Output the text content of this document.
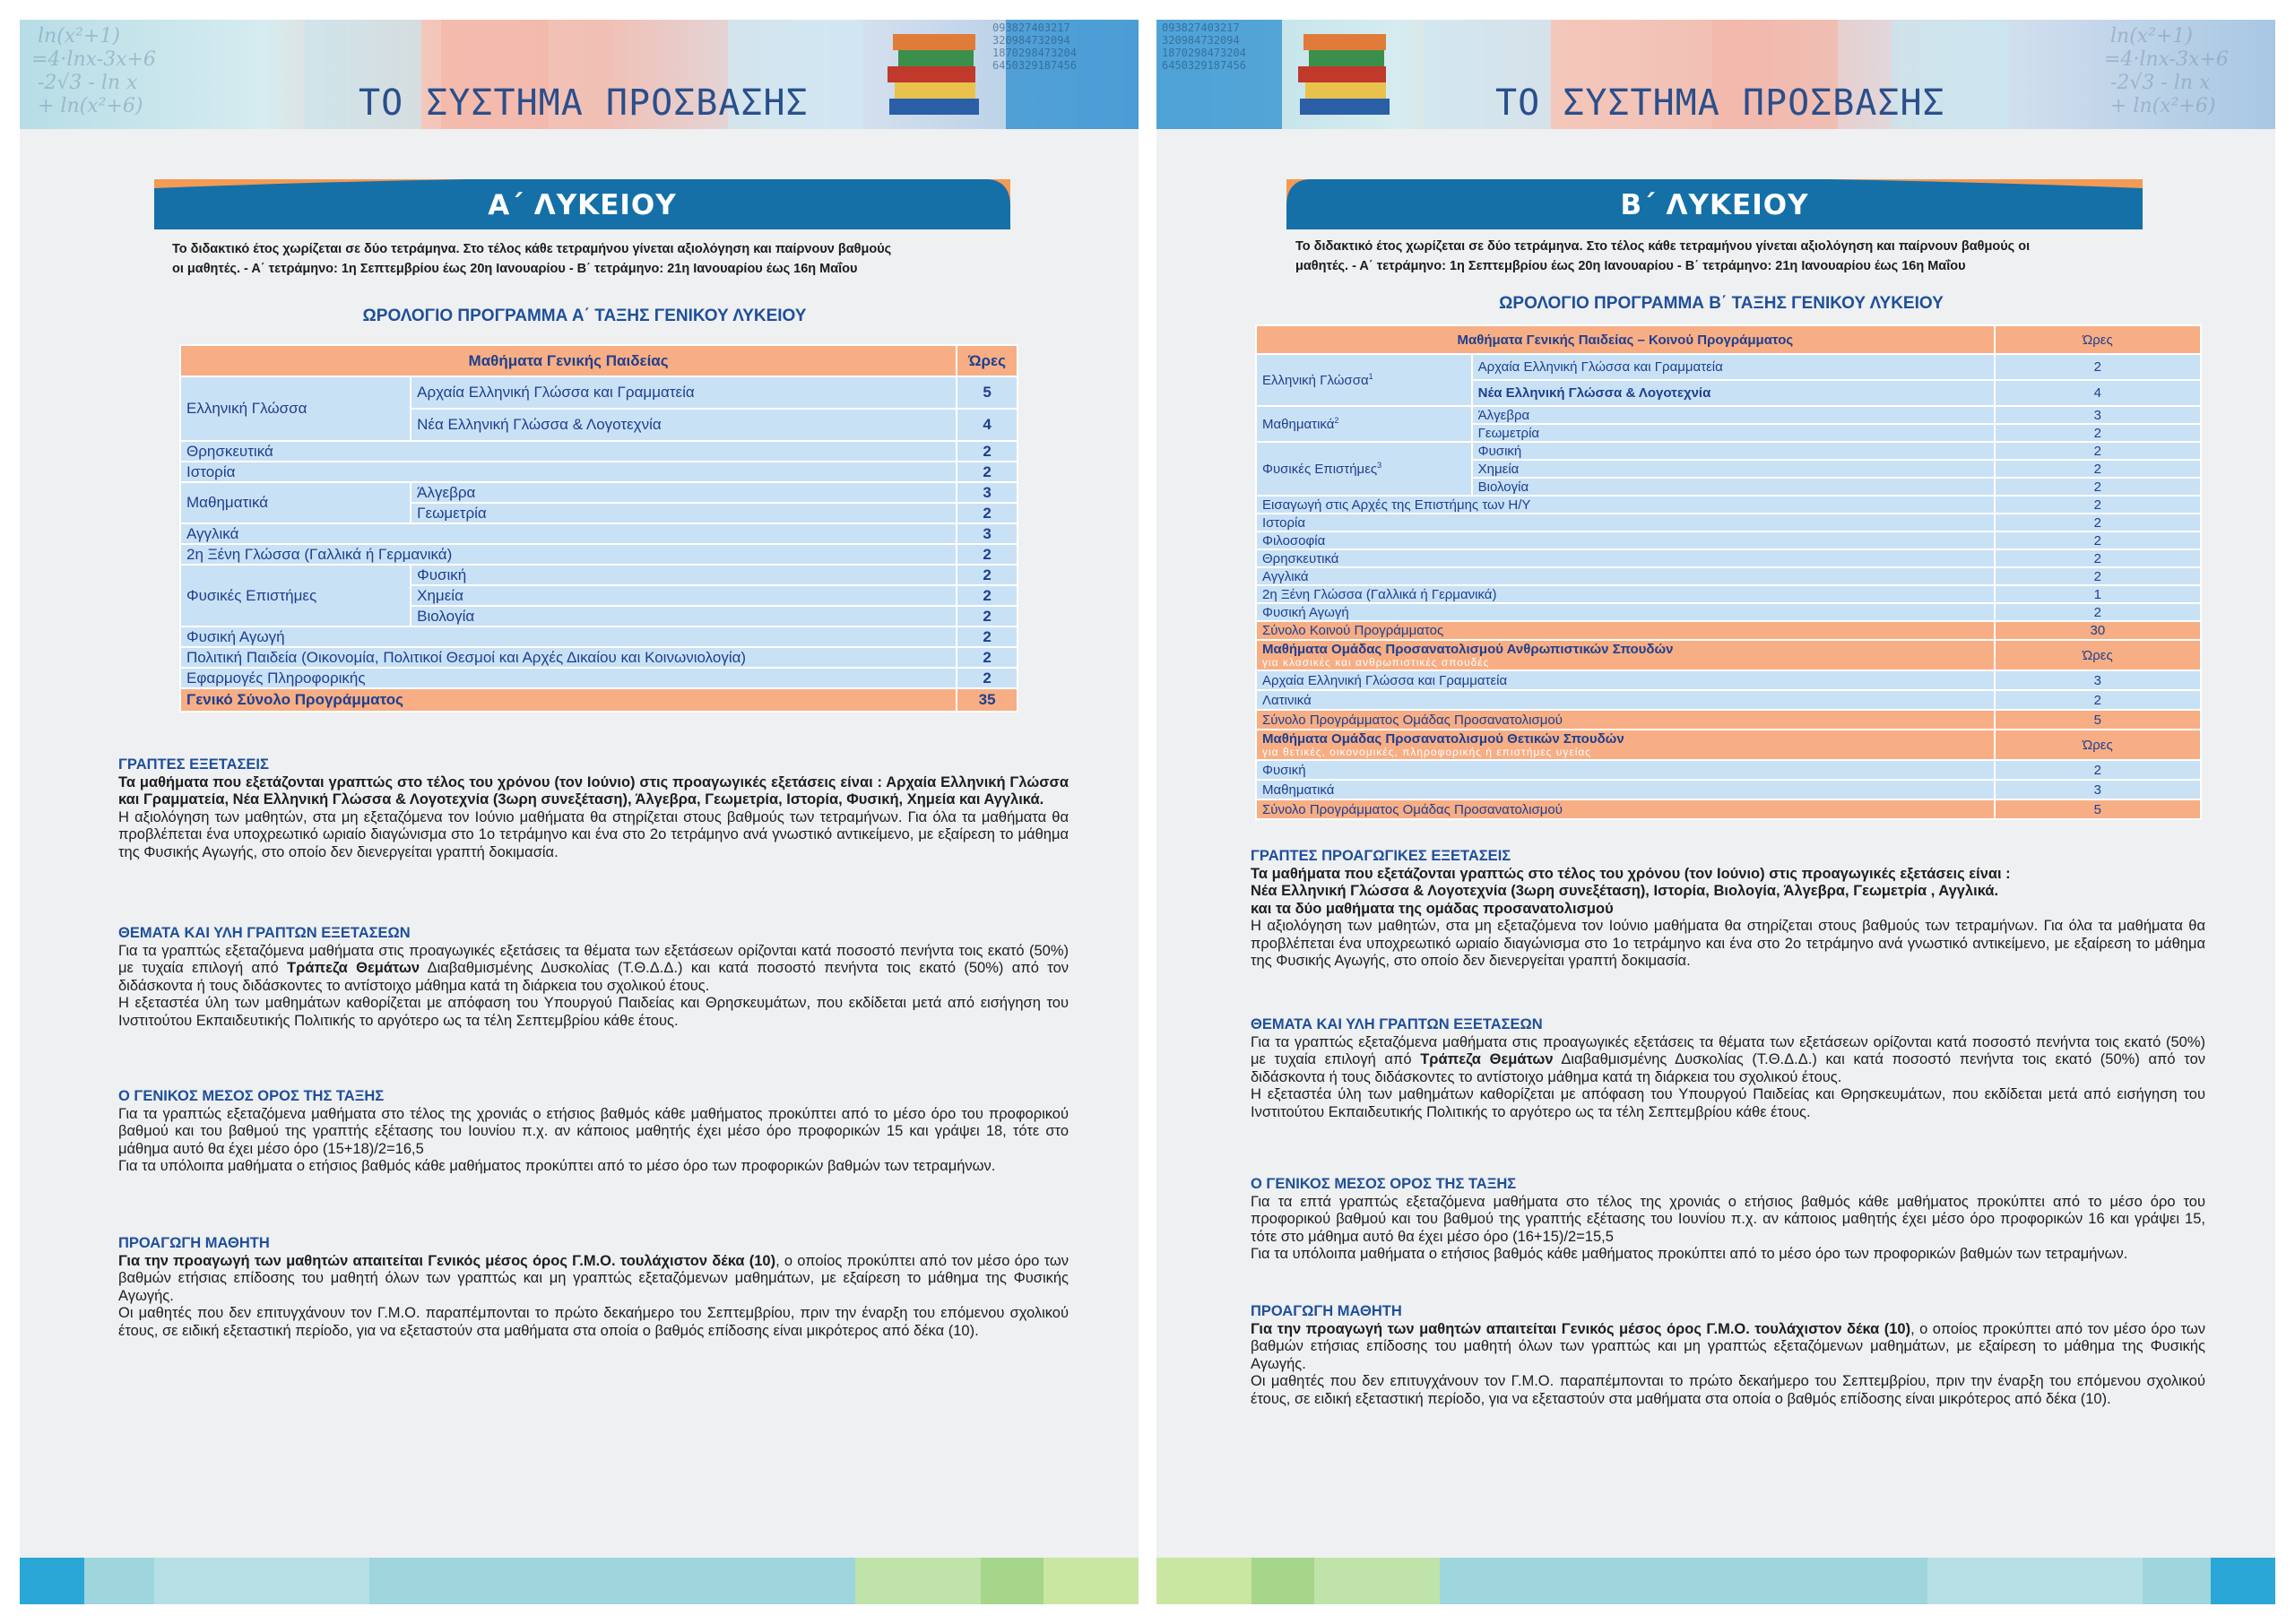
ln(x²+1)
=4·lnx-3x+6
-2√3 - ln x
+ ln(x²+6)
093827403217
320984732094
1870298473204
6450329187456
ΤΟ ΣΥΣΤΗΜΑ ΠΡΟΣΒΑΣΗΣ
Α΄ ΛΥΚΕΙΟΥ
Το διδακτικό έτος χωρίζεται σε δύο τετράμηνα. Στο τέλος κάθε τετραμήνου γίνεται αξιολόγηση και παίρνουν βαθμούς
οι μαθητές. - Α΄ τετράμηνο: 1η Σεπτεμβρίου έως 20η Ιανουαρίου - Β΄ τετράμηνο: 21η Ιανουαρίου έως 16η Μαΐου
ΩΡΟΛΟΓΙΟ ΠΡΟΓΡΑΜΜΑ Α΄ ΤΑΞΗΣ ΓΕΝΙΚΟΥ ΛΥΚΕΙΟΥ
Μαθήματα Γενικής Παιδείας		Ώρες
Ελληνική Γλώσσα	Αρχαία Ελληνική Γλώσσα και Γραμματεία	5
	Νέα Ελληνική Γλώσσα & Λογοτεχνία	4
Θρησκευτικά		2
Ιστορία		2
Μαθηματικά	Άλγεβρα	3
	Γεωμετρία	2
Αγγλικά		3
2η Ξένη Γλώσσα (Γαλλικά ή Γερμανικά)		2
Φυσικές Επιστήμες	Φυσική	2
	Χημεία	2
	Βιολογία	2
Φυσική Αγωγή		2
Πολιτική Παιδεία (Οικονομία, Πολιτικοί Θεσμοί και Αρχές Δικαίου και Κοινωνιολογία)		2
Εφαρμογές Πληροφορικής		2
Γενικό Σύνολο Προγράμματος		35
ΓΡΑΠΤΕΣ ΕΞΕΤΑΣΕΙΣ

Τα μαθήματα που εξετάζονται γραπτώς στο τέλος του χρόνου (τον Ιούνιο) στις προαγωγικές εξετάσεις είναι : Αρχαία Ελληνική Γλώσσα και Γραμματεία, Νέα Ελληνική Γλώσσα & Λογοτεχνία (3ωρη συνεξέταση), Άλγεβρα, Γεωμετρία, Ιστορία, Φυσική, Χημεία και Αγγλικά.

Η αξιολόγηση των μαθητών, στα μη εξεταζόμενα τον Ιούνιο μαθήματα θα στηρίζεται στους βαθμούς των τετραμήνων. Για όλα τα μαθήματα θα προβλέπεται ένα υποχρεωτικό ωριαίο διαγώνισμα στο 1ο τετράμηνο και ένα στο 2ο τετράμηνο ανά γνωστικό αντικείμενο, με εξαίρεση το μάθημα της Φυσικής Αγωγής, στο οποίο δεν διενεργείται γραπτή δοκιμασία.

ΘΕΜΑΤΑ ΚΑΙ ΥΛΗ ΓΡΑΠΤΩΝ ΕΞΕΤΑΣΕΩΝ

Για τα γραπτώς εξεταζόμενα μαθήματα στις προαγωγικές εξετάσεις τα θέματα των εξετάσεων ορίζονται κατά ποσοστό πενήντα τοις εκατό (50%) με τυχαία επιλογή από Τράπεζα Θεμάτων Διαβαθμισμένης Δυσκολίας (Τ.Θ.Δ.Δ.) και κατά ποσοστό πενήντα τοις εκατό (50%) από τον διδάσκοντα ή τους διδάσκοντες το αντίστοιχο μάθημα κατά τη διάρκεια του σχολικού έτους.

Η εξεταστέα ύλη των μαθημάτων καθορίζεται με απόφαση του Υπουργού Παιδείας και Θρησκευμάτων, που εκδίδεται μετά από εισήγηση του Ινστιτούτου Εκπαιδευτικής Πολιτικής το αργότερο ως τα τέλη Σεπτεμβρίου κάθε έτους.

Ο ΓΕΝΙΚΟΣ ΜΕΣΟΣ ΟΡΟΣ ΤΗΣ ΤΑΞΗΣ

Για τα γραπτώς εξεταζόμενα μαθήματα στο τέλος της χρονιάς ο ετήσιος βαθμός κάθε μαθήματος προκύπτει από το μέσο όρο του προφορικού βαθμού και του βαθμού της γραπτής εξέτασης του Ιουνίου π.χ. αν κάποιος μαθητής έχει μέσο όρο προφορικών 15 και γράψει 18, τότε στο μάθημα αυτό θα έχει μέσο όρο (15+18)/2=16,5

Για τα υπόλοιπα μαθήματα ο ετήσιος βαθμός κάθε μαθήματος προκύπτει από το μέσο όρο των προφορικών βαθμών των τετραμήνων.

ΠΡΟΑΓΩΓΗ ΜΑΘΗΤΗ

Για την προαγωγή των μαθητών απαιτείται Γενικός μέσος όρος Γ.Μ.Ο. τουλάχιστον δέκα (10), ο οποίος προκύπτει από τον μέσο όρο των βαθμών ετήσιας επίδοσης του μαθητή όλων των γραπτώς και μη γραπτώς εξεταζόμενων μαθημάτων, με εξαίρεση το μάθημα της Φυσικής Αγωγής.

Οι μαθητές που δεν επιτυγχάνουν τον Γ.Μ.Ο. παραπέμπονται το πρώτο δεκαήμερο του Σεπτεμβρίου, πριν την έναρξη του επόμενου σχολικού έτους, σε ειδική εξεταστική περίοδο, για να εξεταστούν στα μαθήματα στα οποία ο βαθμός επίδοσης είναι μικρότερος από δέκα (10).

093827403217
320984732094
1870298473204
6450329187456
ln(x²+1)
=4·lnx-3x+6
-2√3 - ln x
+ ln(x²+6)
ΤΟ ΣΥΣΤΗΜΑ ΠΡΟΣΒΑΣΗΣ
Β΄ ΛΥΚΕΙΟΥ
Το διδακτικό έτος χωρίζεται σε δύο τετράμηνα. Στο τέλος κάθε τετραμήνου γίνεται αξιολόγηση και παίρνουν βαθμούς οι
μαθητές. - Α΄ τετράμηνο: 1η Σεπτεμβρίου έως 20η Ιανουαρίου - Β΄ τετράμηνο: 21η Ιανουαρίου έως 16η Μαΐου
ΩΡΟΛΟΓΙΟ ΠΡΟΓΡΑΜΜΑ Β΄ ΤΑΞΗΣ ΓΕΝΙΚΟΥ ΛΥΚΕΙΟΥ
Μαθήματα Γενικής Παιδείας – Κοινού Προγράμματος		Ώρες
Ελληνική Γλώσσα$^1$	Αρχαία Ελληνική Γλώσσα και Γραμματεία	2
	Νέα Ελληνική Γλώσσα & Λογοτεχνία	4
Μαθηματικά$^2$	Άλγεβρα	3
	Γεωμετρία	2
Φυσικές Επιστήμες$^3$	Φυσική	2
	Χημεία	2
	Βιολογία	2
Εισαγωγή στις Αρχές της Επιστήμης των Η/Υ		2
Ιστορία		2
Φιλοσοφία		2
Θρησκευτικά		2
Αγγλικά		2
2η Ξένη Γλώσσα (Γαλλικά ή Γερμανικά)		1
Φυσική Αγωγή		2
Σύνολο Κοινού Προγράμματος		30
Μαθήματα Ομάδας Προσανατολισμού Ανθρωπιστικών Σπουδών
για κλασικές και ανθρωπιστικές σπουδές		Ώρες
Αρχαία Ελληνική Γλώσσα και Γραμματεία		3
Λατινικά		2
Σύνολο Προγράμματος Ομάδας Προσανατολισμού		5
Μαθήματα Ομάδας Προσανατολισμού Θετικών Σπουδών
για θετικές, οικονομικές, πληροφορικής ή επιστήμες υγείας		Ώρες
Φυσική		2
Μαθηματικά		3
Σύνολο Προγράμματος Ομάδας Προσανατολισμού		5
ΓΡΑΠΤΕΣ ΠΡΟΑΓΩΓΙΚΕΣ ΕΞΕΤΑΣΕΙΣ

Τα μαθήματα που εξετάζονται γραπτώς στο τέλος του χρόνου (τον Ιούνιο) στις προαγωγικές εξετάσεις είναι :

Νέα Ελληνική Γλώσσα & Λογοτεχνία (3ωρη συνεξέταση), Ιστορία, Βιολογία, Άλγεβρα, Γεωμετρία , Αγγλικά.

και τα δύο μαθήματα της ομάδας προσανατολισμού

Η αξιολόγηση των μαθητών, στα μη εξεταζόμενα τον Ιούνιο μαθήματα θα στηρίζεται στους βαθμούς των τετραμήνων. Για όλα τα μαθήματα θα προβλέπεται ένα υποχρεωτικό ωριαίο διαγώνισμα στο 1ο τετράμηνο και ένα στο 2ο τετράμηνο ανά γνωστικό αντικείμενο, με εξαίρεση το μάθημα της Φυσικής Αγωγής, στο οποίο δεν διενεργείται γραπτή δοκιμασία.

ΘΕΜΑΤΑ ΚΑΙ ΥΛΗ ΓΡΑΠΤΩΝ ΕΞΕΤΑΣΕΩΝ

Για τα γραπτώς εξεταζόμενα μαθήματα στις προαγωγικές εξετάσεις τα θέματα των εξετάσεων ορίζονται κατά ποσοστό πενήντα τοις εκατό (50%) με τυχαία επιλογή από Τράπεζα Θεμάτων Διαβαθμισμένης Δυσκολίας (Τ.Θ.Δ.Δ.) και κατά ποσοστό πενήντα τοις εκατό (50%) από τον διδάσκοντα ή τους διδάσκοντες το αντίστοιχο μάθημα κατά τη διάρκεια του σχολικού έτους.

Η εξεταστέα ύλη των μαθημάτων καθορίζεται με απόφαση του Υπουργού Παιδείας και Θρησκευμάτων, που εκδίδεται μετά από εισήγηση του Ινστιτούτου Εκπαιδευτικής Πολιτικής το αργότερο ως τα τέλη Σεπτεμβρίου κάθε έτους.

Ο ΓΕΝΙΚΟΣ ΜΕΣΟΣ ΟΡΟΣ ΤΗΣ ΤΑΞΗΣ

Για τα επτά γραπτώς εξεταζόμενα μαθήματα στο τέλος της χρονιάς ο ετήσιος βαθμός κάθε μαθήματος προκύπτει από το μέσο όρο του προφορικού βαθμού και του βαθμού της γραπτής εξέτασης του Ιουνίου π.χ. αν κάποιος μαθητής έχει μέσο όρο προφορικών 16 και γράψει 15, τότε στο μάθημα αυτό θα έχει μέσο όρο (16+15)/2=15,5

Για τα υπόλοιπα μαθήματα ο ετήσιος βαθμός κάθε μαθήματος προκύπτει από το μέσο όρο των προφορικών βαθμών των τετραμήνων.

ΠΡΟΑΓΩΓΗ ΜΑΘΗΤΗ

Για την προαγωγή των μαθητών απαιτείται Γενικός μέσος όρος Γ.Μ.Ο. τουλάχιστον δέκα (10), ο οποίος προκύπτει από τον μέσο όρο των βαθμών ετήσιας επίδοσης του μαθητή όλων των γραπτώς και μη γραπτώς εξεταζόμενων μαθημάτων, με εξαίρεση το μάθημα της Φυσικής Αγωγής.

Οι μαθητές που δεν επιτυγχάνουν τον Γ.Μ.Ο. παραπέμπονται το πρώτο δεκαήμερο του Σεπτεμβρίου, πριν την έναρξη του επόμενου σχολικού έτους, σε ειδική εξεταστική περίοδο, για να εξεταστούν στα μαθήματα στα οποία ο βαθμός επίδοσης είναι μικρότερος από δέκα (10).
